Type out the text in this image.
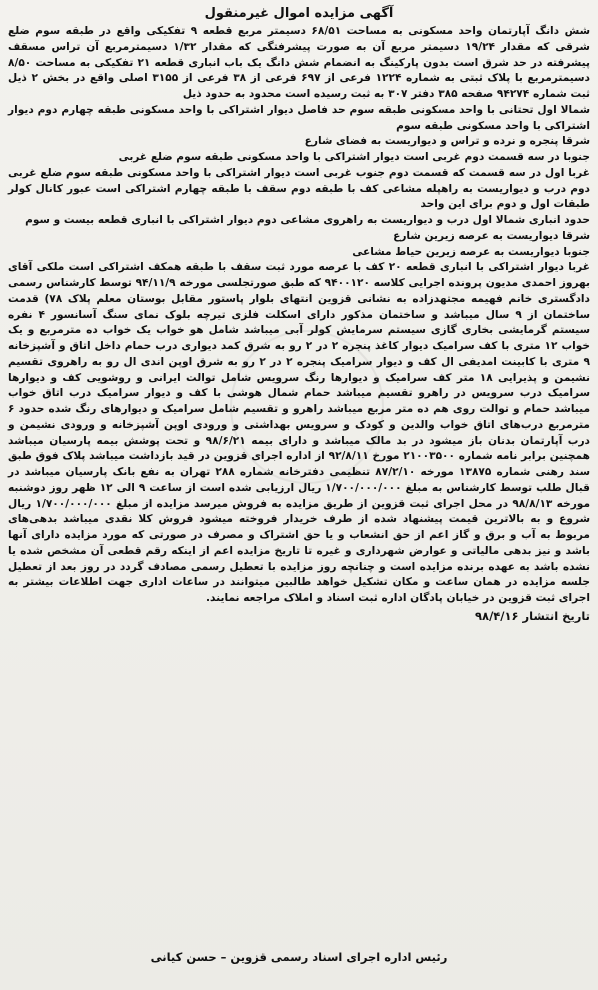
آگهی مزایده اموال غیرمنقول

شش دانگ آپارتمان واحد مسکونی به مساحت ۶۸/۵۱ دسیمتر مربع قطعه ۹ تفکیکی واقع در طبقه سوم ضلع شرقی که مقدار ۱۹/۲۴ دسیمتر مربع آن به صورت پیشرفتگی که مقدار ۱/۳۲ دسیمترمربع آن تراس مسقف پیشرفته در حد شرق است بدون پارکینگ به انضمام شش دانگ یک باب انباری قطعه ۲۱ تفکیکی به مساحت ۸/۵۰ دسیمترمربع با پلاک ثبتی به شماره ۱۲۲۴ فرعی از ۶۹۷ فرعی از ۳۸ فرعی از ۳۱۵۵ اصلی واقع در بخش ۲ ذیل ثبت شماره ۹۴۲۷۴ صفحه ۳۸۵ دفتر ۳۰۷ به ثبت رسیده است محدود به حدود ذیل

شمالا اول تحتانی با واحد مسکونی طبقه سوم حد فاصل دیوار اشتراکی با واحد مسکونی طبقه چهارم دوم دیوار اشتراکی با واحد مسکونی طبقه سوم

شرقا پنجره و نرده و تراس و دیواریست به فضای شارع

جنوبا در سه قسمت دوم غربی است دیوار اشتراکی با واحد مسکونی طبقه سوم ضلع غربی

غربا اول در سه قسمت که قسمت دوم جنوب غربی است دیوار اشتراکی با واحد مسکونی طبقه سوم ضلع غربی دوم درب و دیواریست به راهپله مشاعی کف با طبقه دوم سقف با طبقه چهارم اشتراکی است عبور کانال کولر طبقات اول و دوم برای این واحد

حدود انباری شمالا اول درب و دیواریست به راهروی مشاعی دوم دیوار اشتراکی با انباری قطعه بیست و سوم

شرقا دیواریست به عرصه زیرین شارع

جنوبا دیواریست به عرصه زیرین حیاط مشاعی

غربا دیوار اشتراکی با انباری قطعه ۲۰ کف با عرصه مورد ثبت سقف با طبقه همکف اشتراکی است ملکی آقای بهروز احمدی مدیون پرونده اجرایی کلاسه ۹۴۰۰۱۲۰ که طبق صورتجلسی مورخه ۹۴/۱۱/۹ توسط کارشناس رسمی دادگستری خانم فهیمه مجتهدزاده به نشانی قزوین انتهای بلوار پاستور مقابل بوستان معلم پلاک ۷۸) قدمت ساختمان از ۹ سال میباشد و ساختمان مذکور دارای اسکلت فلزی تیرچه بلوک نمای سنگ آسانسور ۴ نفره سیستم گرمایشی بخاری گازی سیستم سرمایش کولر آبی میباشد شامل هو خواب یک خواب ده مترمربع و یک خواب ۱۲ متری با کف سرامیک دیوار کاغذ پنجره ۲ در ۲ رو به شرق کمد دیواری درب حمام داخل اتاق و آشپزخانه ۹ متری با کابینت امدیفی ال کف و دیوار سرامیک پنجره ۲ در ۲ رو به شرق اوپن اندی ال رو به راهروی تقسیم نشیمن و پذیرایی ۱۸ متر کف سرامیک و دیوارها رنگ سرویس شامل توالت ایرانی و روشویی کف و دیوارها سرامیک درب سرویس در راهرو تقسیم میباشد حمام شمال هوشی با کف و دیوار سرامیک درب اتاق خواب میباشد حمام و توالت روی هم ده متر مربع میباشد راهرو و تقسیم شامل سرامیک و دیوارهای رنگ شده حدود ۶ مترمربع درب‌های اتاق خواب والدین و کودک و سرویس بهداشتی و ورودی اوپن آشپزخانه و ورودی نشیمن و درب آپارتمان بدنان باز میشود در بد مالک میباشد و دارای بیمه ۹۸/۶/۲۱ و تحت پوشش بیمه پارسیان میباشد همچنین برابر نامه شماره ۲۱۰۰۳۵۰۰ مورخ ۹۲/۸/۱۱ از اداره اجرای قزوین در قید بازداشت میباشد پلاک فوق طبق سند رهنی شماره ۱۳۸۷۵ مورخه ۸۷/۲/۱۰ تنظیمی دفترخانه شماره ۲۸۸ تهران به نفع بانک پارسیان میباشد در قبال طلب توسط کارشناس به مبلغ ۱/۷۰۰/۰۰۰/۰۰۰ ریال ارزیابی شده است از ساعت ۹ الی ۱۲ ظهر روز دوشنبه مورخه ۹۸/۸/۱۳ در محل اجرای ثبت قزوین از طریق مزایده به فروش میرسد مزایده از مبلغ ۱/۷۰۰/۰۰۰/۰۰۰ ریال شروع و به بالاترین قیمت پیشنهاد شده از طرف خریدار فروخته میشود فروش کلا نقدی میباشد بدهی‌های مربوط به آب و برق و گاز اعم از حق انشعاب و یا حق اشتراک و مصرف در صورتی که مورد مزایده دارای آنها باشد و نیز بدهی مالیاتی و عوارض شهرداری و غیره تا تاریخ مزایده اعم از اینکه رقم قطعی آن مشخص شده یا نشده باشد به عهده برنده مزایده است و چنانچه روز مزایده با تعطیل رسمی مصادف گردد در روز بعد از تعطیل جلسه مزایده در همان ساعت و مکان تشکیل خواهد طالبین میتوانند در ساعات اداری جهت اطلاعات بیشتر به اجرای ثبت قزوین در خیابان پادگان اداره ثبت اسناد و املاک مراجعه نمایند.

تاریخ انتشار ۹۸/۴/۱۶
رئیس اداره اجرای اسناد رسمی قزوین – حسن کیانی
